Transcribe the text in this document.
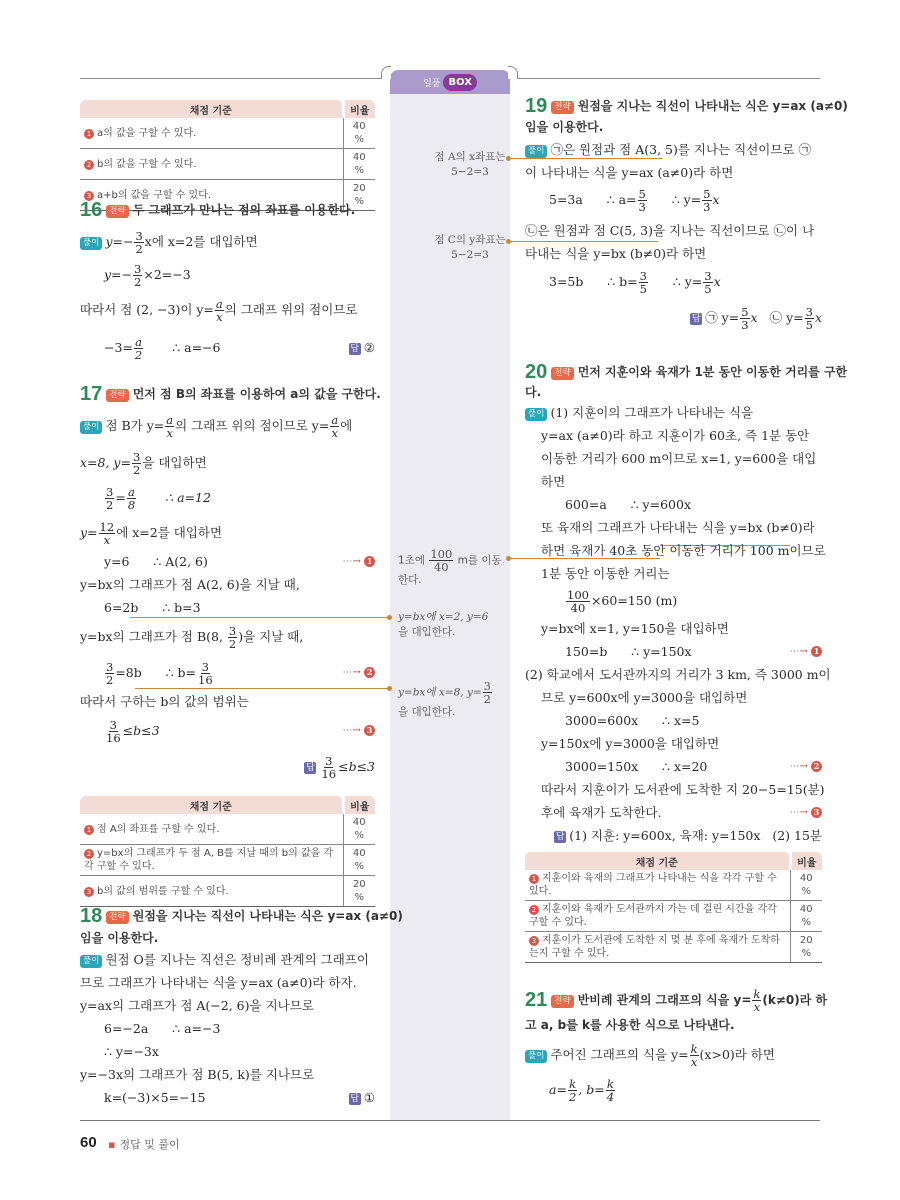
일품 BOX
점 A의 x좌표는
5−2=3
점 C의 y좌표는
5−2=3
1초에 $\frac{100}{40}$ m를 이동
한다.
y=bx에 x=2, y=6
을 대입한다.
y=bx에 x=8, $y= \frac{3}{2}$
을 대입한다.
채점 기준	비율
1 a의 값을 구할 수 있다.	40 %
2 b의 값을 구할 수 있다.	40 %
3 a+b의 값을 구할 수 있다.	20 %
16 전략 두 그래프가 만나는 점의 좌표를 이용한다.
풀이 $y=- \frac{3}{2}$ x에 x=2를 대입하면
$y=- \frac{3}{2} \times 2=-3$
따라서 점 (2, −3)이 $y= \frac{a}{x}$ 의 그래프 위의 점이므로
$-3= \frac{a}{2}$ ∴ a=−6	답 ②
17 전략 먼저 점 B의 좌표를 이용하여 a의 값을 구한다.
풀이 점 B가 $y= \frac{a}{x}$ 의 그래프 위의 점이므로 $y= \frac{a}{x}$ 에
x=8, $y= \frac{3}{2}$ 을 대입하면
$\frac{3}{2} = \frac{a}{8}$ ∴ a=12
$y= \frac{12}{x}$ 에 x=2를 대입하면
y=6      ∴ A(2, 6)	⋯→ 1
y=bx의 그래프가 점 A(2, 6)을 지날 때,
6=2b      ∴ b=3
y=bx의 그래프가 점 B(8, $\frac{3}{2}$ )을 지날 때,
$\frac{3}{2} =8b$      ∴ $b= \frac{3}{16}$	⋯→ 2
따라서 구하는 b의 값의 범위는
$\frac{3}{16} \le b\le 3$	⋯→ 3
답 $\frac{3}{16} \le b\le 3$
채점 기준	비율
1 점 A의 좌표를 구할 수 있다.	40 %
2 y=bx의 그래프가 두 점 A, B를 지날 때의 b의 값을 각각 구할 수 있다.	40 %
3 b의 값의 범위를 구할 수 있다.	20 %
18 전략 원점을 지나는 직선이 나타내는 식은 y=ax (a≠0)
임을 이용한다.
풀이 원점 O를 지나는 직선은 정비례 관계의 그래프이
므로 그래프가 나타내는 식을 y=ax (a≠0)라 하자.
y=ax의 그래프가 점 A(−2, 6)을 지나므로
6=−2a      ∴ a=−3
∴ y=−3x
y=−3x의 그래프가 점 B(5, k)를 지나므로
k=(−3)×5=−15	답 ①
19 전략 원점을 지나는 직선이 나타내는 식은 y=ax (a≠0)
임을 이용한다.
풀이 ㉠은 원점과 점 A(3, 5)를 지나는 직선이므로 ㉠
이 나타내는 식을 y=ax (a≠0)라 하면
5=3a      ∴ $a= \frac{5}{3}$ ∴ $y= \frac{5}{3}$ x
㉡은 원점과 점 C(5, 3)을 지나는 직선이므로 ㉡이 나
타내는 식을 y=bx (b≠0)라 하면
3=5b      ∴ $b= \frac{3}{5}$ ∴ $y= \frac{3}{5}$ x
답 ㉠ $y= \frac{5}{3}$ x ㉡ $y= \frac{3}{5}$ x
20 전략 먼저 지훈이와 육재가 1분 동안 이동한 거리를 구한
다.
풀이 (1) 지훈이의 그래프가 나타내는 식을
y=ax (a≠0)라 하고 지훈이가 60초, 즉 1분 동안
이동한 거리가 600 m이므로 x=1, y=600을 대입
하면
600=a      ∴ y=600x
또 육재의 그래프가 나타내는 식을 y=bx (b≠0)라
하면 육재가 40초 동안 이동한 거리가 100 m이므로
1분 동안 이동한 거리는
$\frac{100}{40} \times 60=150$ (m)
y=bx에 x=1, y=150을 대입하면
150=b      ∴ y=150x	⋯→ 1
(2) 학교에서 도서관까지의 거리가 3 km, 즉 3000 m이
므로 y=600x에 y=3000을 대입하면
3000=600x      ∴ x=5
y=150x에 y=3000을 대입하면
3000=150x      ∴ x=20	⋯→ 2
따라서 지훈이가 도서관에 도착한 지 20−5=15(분)
후에 육재가 도착한다.	⋯→ 3
답 (1) 지훈: y=600x, 육재: y=150x   (2) 15분
21 전략 반비례 관계의 그래프의 식을 $y= \frac{k}{x} (k\ne 0)$라 하
고 a, b를 k를 사용한 식으로 나타낸다.
풀이 주어진 그래프의 식을 $y= \frac{k}{x} (x>0)$라 하면
$a= \frac{k}{2}$ , $b= \frac{k}{4}$
채점 기준	비율
1 지훈이와 육재의 그래프가 나타내는 식을 각각 구할 수 있다.	40 %
2 지훈이와 육재가 도서관까지 가는 데 걸린 시간을 각각 구할 수 있다.	40 %
3 지훈이가 도서관에 도착한 지 몇 분 후에 육재가 도착하는지 구할 수 있다.	20 %
60 ▪ 정답 및 풀이
